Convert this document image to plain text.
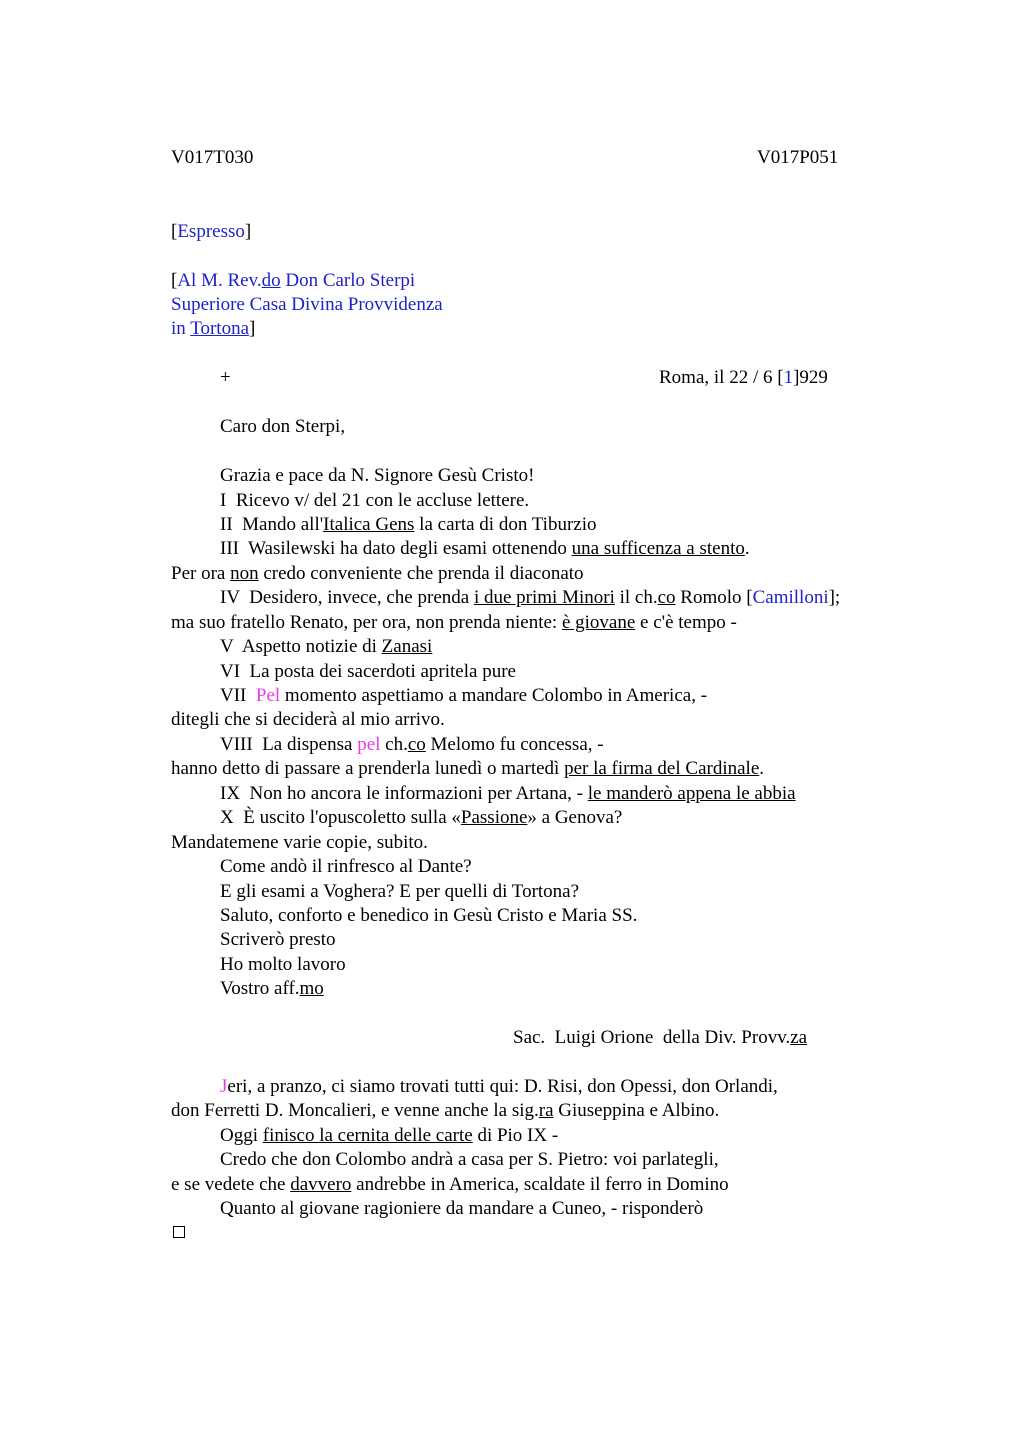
V017T030	V017P051
[Espresso]
[Al M. Rev.do Don Carlo Sterpi
Superiore Casa Divina Provvidenza
in Tortona]
+	Roma, il 22 / 6 [1]929
Caro don Sterpi,
Grazia e pace da N. Signore Gesù Cristo!
I  Ricevo v/ del 21 con le accluse lettere.
II  Mando all'Italica Gens la carta di don Tiburzio
III  Wasilewski ha dato degli esami ottenendo una sufficenza a stento.
Per ora non credo conveniente che prenda il diaconato
IV  Desidero, invece, che prenda i due primi Minori il ch.co Romolo [Camilloni];
ma suo fratello Renato, per ora, non prenda niente: è giovane e c'è tempo -
V  Aspetto notizie di Zanasi
VI  La posta dei sacerdoti apritela pure
VII  Pel momento aspettiamo a mandare Colombo in America, -
ditegli che si deciderà al mio arrivo.
VIII  La dispensa pel ch.co Melomo fu concessa, -
hanno detto di passare a prenderla lunedì o martedì per la firma del Cardinale.
IX  Non ho ancora le informazioni per Artana, - le manderò appena le abbia
X  È uscito l'opuscoletto sulla «Passione» a Genova?
Mandatemene varie copie, subito.
Come andò il rinfresco al Dante?
E gli esami a Voghera? E per quelli di Tortona?
Saluto, conforto e benedico in Gesù Cristo e Maria SS.
Scriverò presto
Ho molto lavoro
Vostro aff.mo
Sac.  Luigi Orione  della Div. Provv.za
Jeri, a pranzo, ci siamo trovati tutti qui: D. Risi, don Opessi, don Orlandi,
don Ferretti D. Moncalieri, e venne anche la sig.ra Giuseppina e Albino.
Oggi finisco la cernita delle carte di Pio IX -
Credo che don Colombo andrà a casa per S. Pietro: voi parlategli,
e se vedete che davvero andrebbe in America, scaldate il ferro in Domino
Quanto al giovane ragioniere da mandare a Cuneo, - risponderò
